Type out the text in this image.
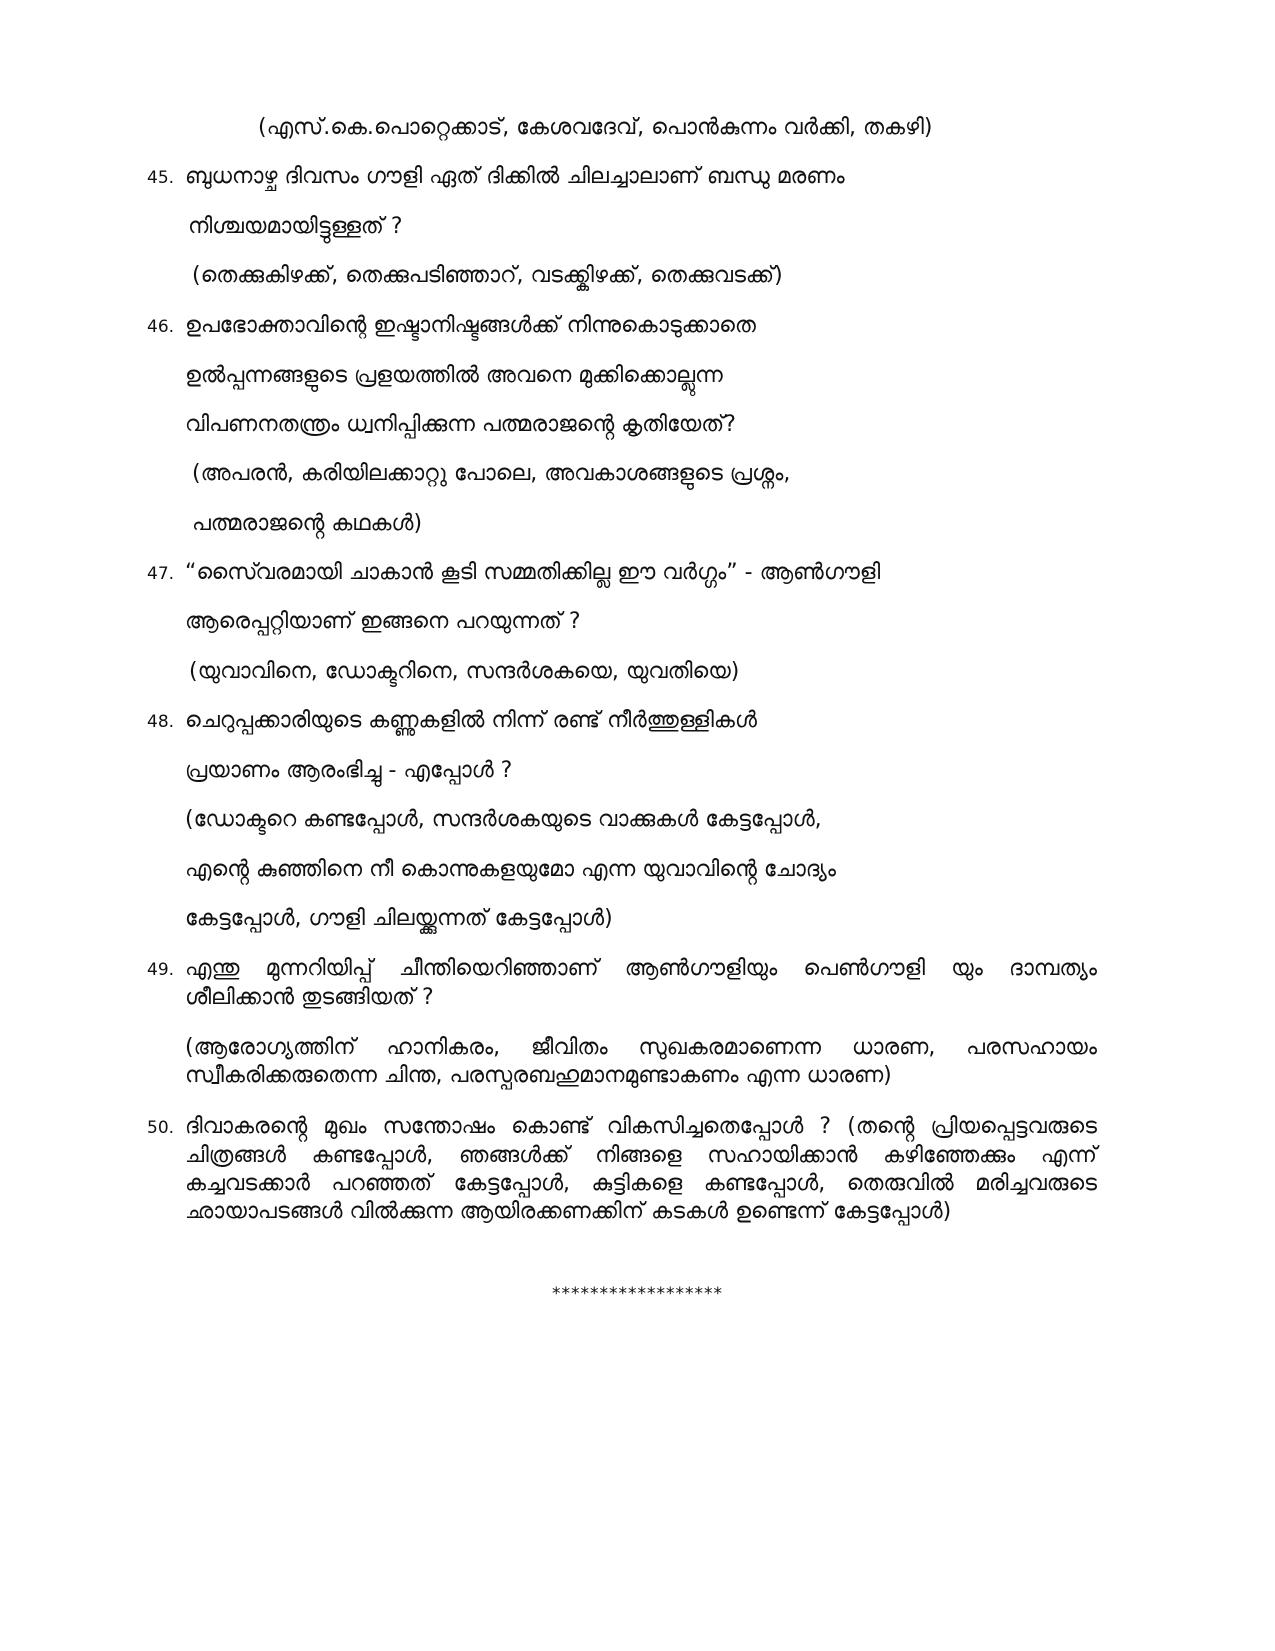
(എസ്.കെ.പൊറ്റെക്കാട്, കേശവദേവ്, പൊൻകുന്നം വർക്കി, തകഴി)
45. ബുധനാഴ്ച ദിവസം ഗൗളി ഏത് ദിക്കിൽ ചിലച്ചാലാണ് ബന്ധു മരണം
നിശ്ചയമായിട്ടുള്ളത് ?
(തെക്കുകിഴക്ക്, തെക്കുപടിഞ്ഞാറ്, വടക്ക്കിഴക്ക്, തെക്കുവടക്ക്)
46. ഉപഭോക്താവിന്റെ ഇഷ്ടാനിഷ്ടങ്ങൾക്ക് നിന്നുകൊടുക്കാതെ
ഉൽപ്പന്നങ്ങളുടെ പ്രളയത്തിൽ അവനെ മുക്കിക്കൊല്ലുന്ന
വിപണനതന്ത്രം ധ്വനിപ്പിക്കുന്ന പത്മരാജൻ്റെ കൃതിയേത്?
(അപരൻ, കരിയിലക്കാറ്റു പോലെ, അവകാശങ്ങളുടെ പ്രശ്നം,
പത്മരാജൻ്റെ കഥകൾ)
47. “സൈ്വരമായി ചാകാൻ കൂടി സമ്മതിക്കില്ല ഈ വർഗ്ഗം” - ആൺഗൗളി
ആരെപ്പറ്റിയാണ് ഇങ്ങനെ പറയുന്നത് ?
(യുവാവിനെ, ഡോക്ടറിനെ, സന്ദർശകയെ, യുവതിയെ)
48. ചെറുപ്പക്കാരിയുടെ കണ്ണുകളിൽ നിന്ന് രണ്ട് നീർത്തുള്ളികൾ
പ്രയാണം ആരംഭിച്ചു - എപ്പോൾ ?
(ഡോക്ടറെ കണ്ടപ്പോൾ, സന്ദർശകയുടെ വാക്കുകൾ കേട്ടപ്പോൾ,
എൻ്റെ കുഞ്ഞിനെ നീ കൊന്നുകളയുമോ എന്ന യുവാവിൻ്റെ ചോദ്യം
കേട്ടപ്പോൾ, ഗൗളി ചിലയ്ക്കുന്നത് കേട്ടപ്പോൾ)
49. എന്തു മുന്നറിയിപ്പ് ചീന്തിയെറിഞ്ഞാണ് ആൺഗൗളിയും പെൺഗൗളി യും ദാമ്പത്യം ശീലിക്കാൻ തുടങ്ങിയത് ?
(ആരോഗ്യത്തിന് ഹാനികരം, ജീവിതം സുഖകരമാണെന്ന ധാരണ, പരസഹായം സ്വീകരിക്കരുതെന്ന ചിന്ത, പരസ്പരബഹുമാനമുണ്ടാകണം എന്ന ധാരണ)
50. ദിവാകരൻ്റെ മുഖം സന്തോഷം കൊണ്ട് വികസിച്ചതെപ്പോൾ ? (തൻ്റെ പ്രിയപ്പെട്ടവരുടെ ചിത്രങ്ങൾ കണ്ടപ്പോൾ, ഞങ്ങൾക്ക് നിങ്ങളെ സഹായിക്കാൻ കഴിഞ്ഞേക്കും എന്ന് കച്ചവടക്കാർ പറഞ്ഞത് കേട്ടപ്പോൾ, കുട്ടികളെ കണ്ടപ്പോൾ, തെരുവിൽ മരിച്ചവരുടെ ഛായാപടങ്ങൾ വിൽക്കുന്ന ആയിരക്കണക്കിന് കടകൾ ഉണ്ടെന്ന് കേട്ടപ്പോൾ)
******************
